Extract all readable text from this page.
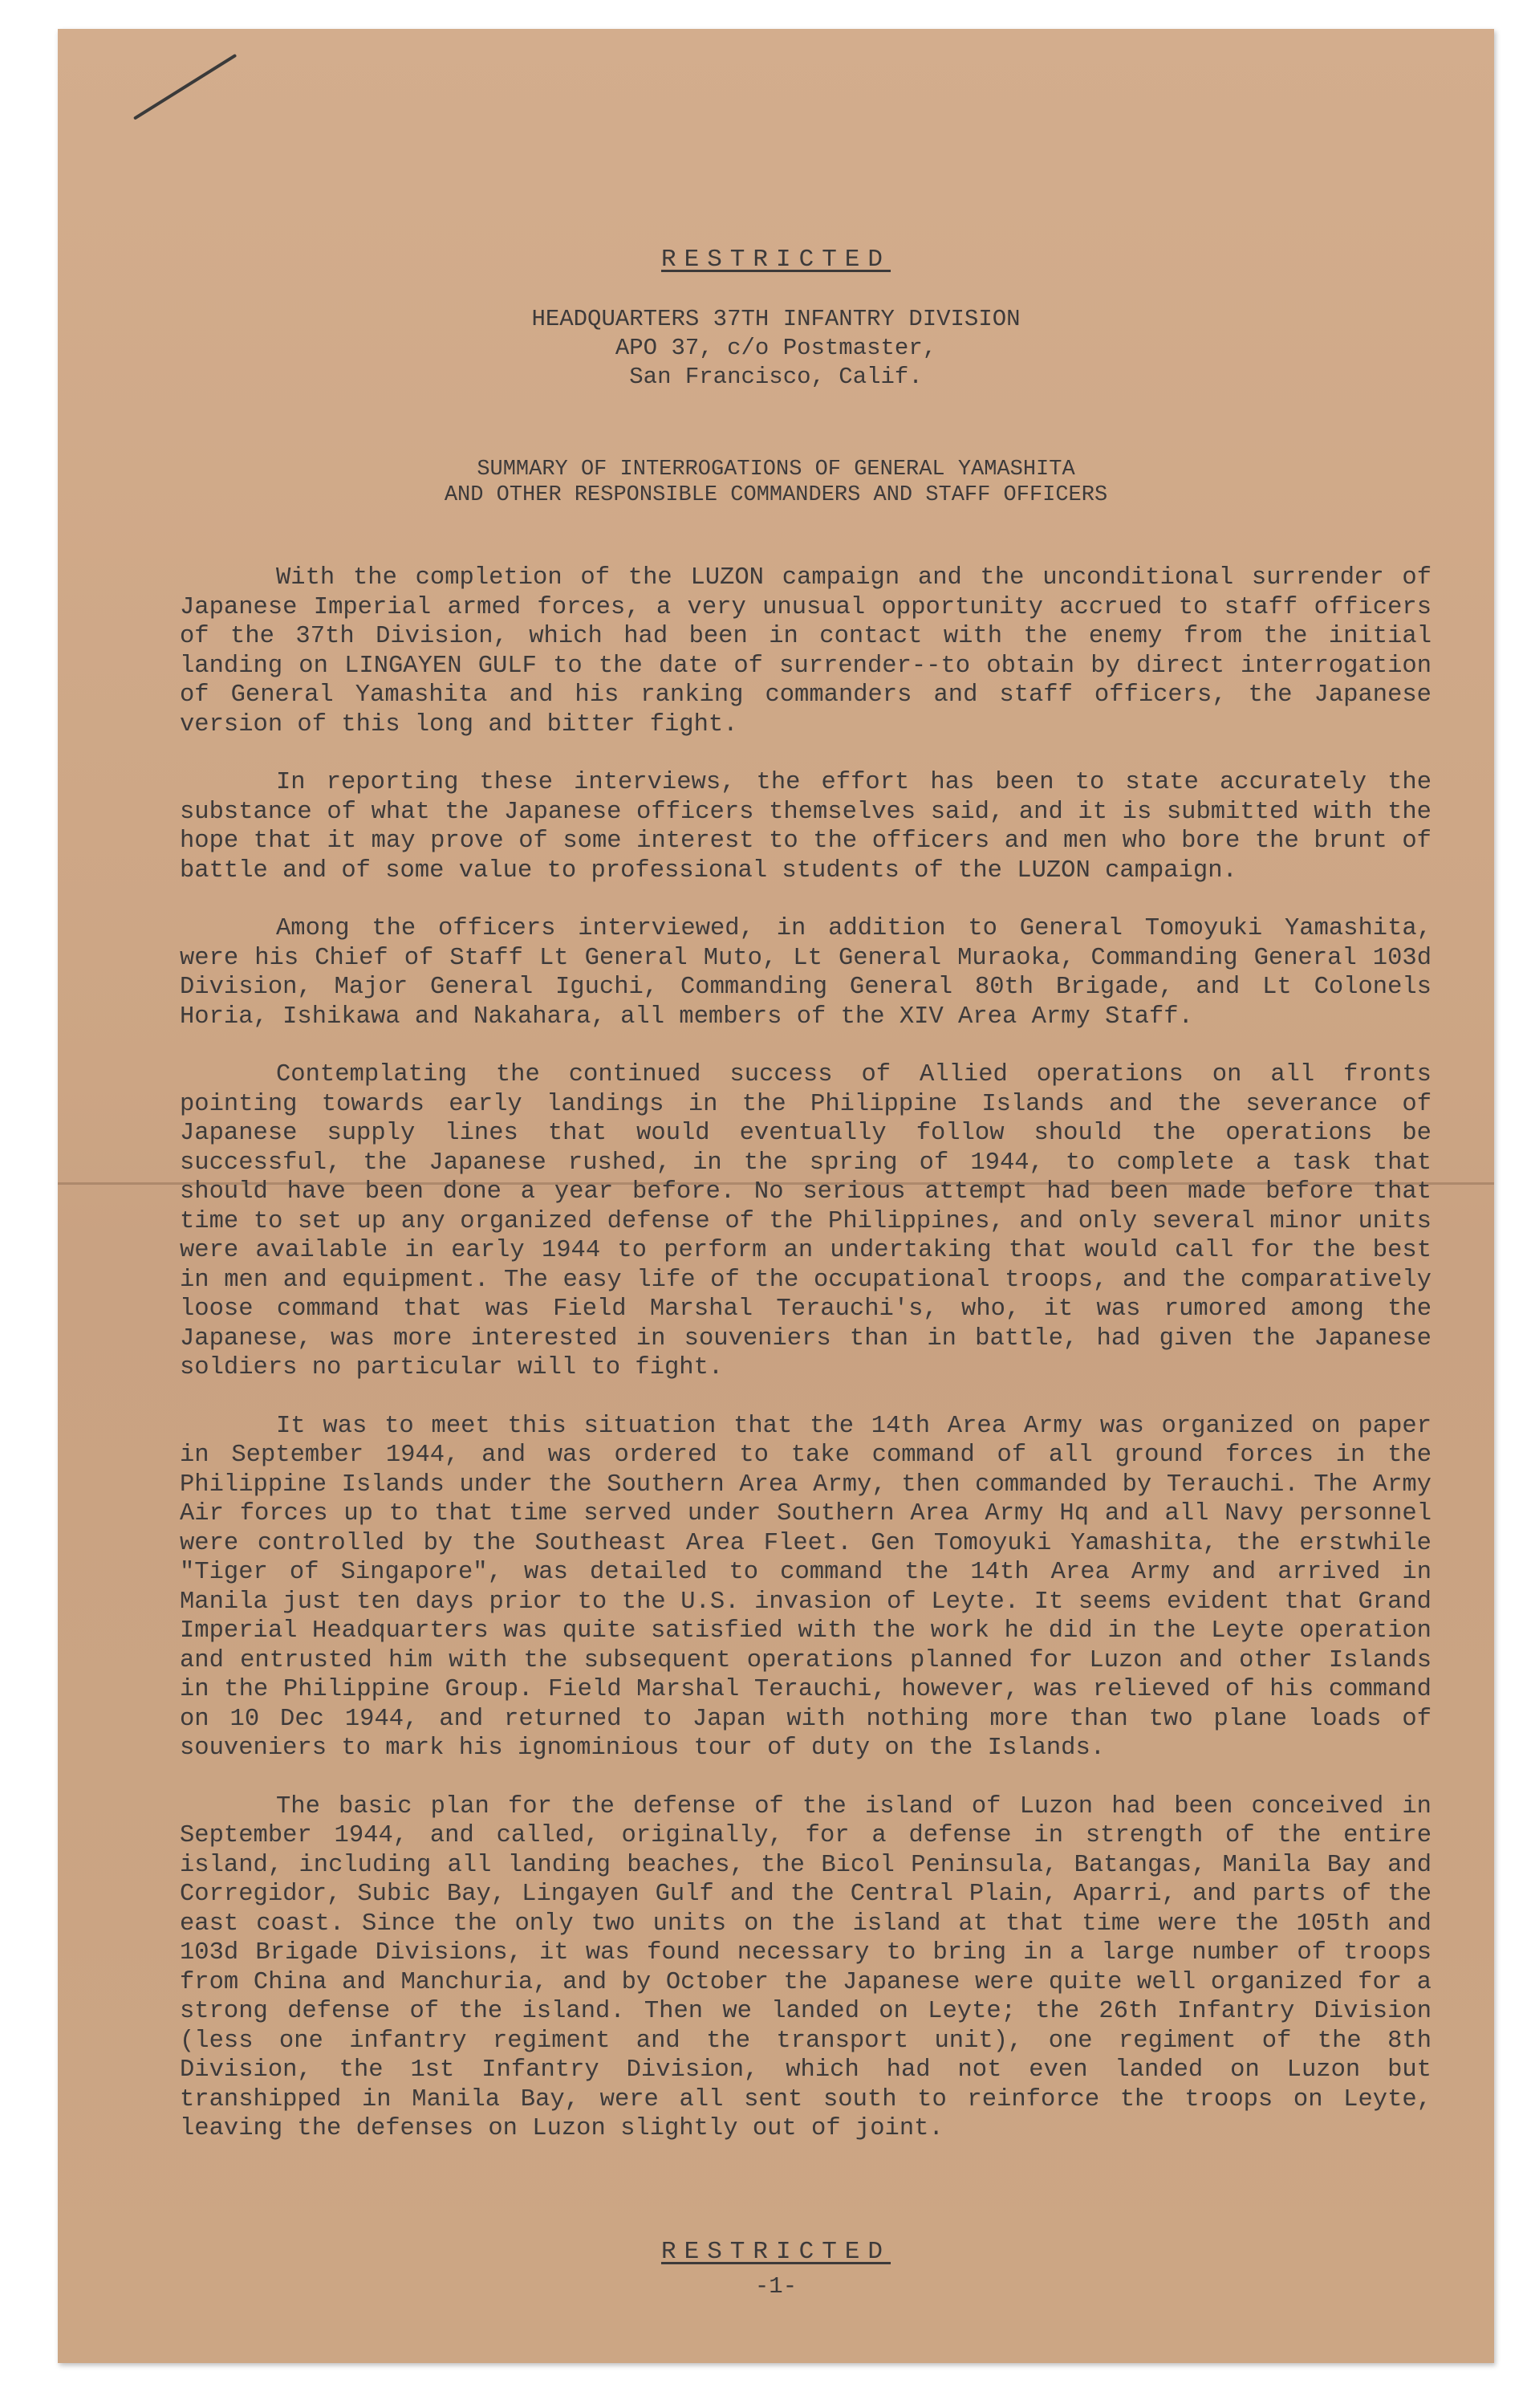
RESTRICTED
HEADQUARTERS 37TH INFANTRY DIVISION
APO 37, c/o Postmaster,
San Francisco, Calif.
SUMMARY OF INTERROGATIONS OF GENERAL YAMASHITA
AND OTHER RESPONSIBLE COMMANDERS AND STAFF OFFICERS

With the completion of the LUZON campaign and the unconditional surrender of Japanese Imperial armed forces, a very unusual opportunity accrued to staff officers of the 37th Division, which had been in contact with the enemy from the initial landing on LINGAYEN GULF to the date of surrender--to obtain by direct interrogation of General Yamashita and his ranking commanders and staff officers, the Japanese version of this long and bitter fight.

In reporting these interviews, the effort has been to state accurately the substance of what the Japanese officers themselves said, and it is submitted with the hope that it may prove of some interest to the officers and men who bore the brunt of battle and of some value to professional students of the LUZON campaign.

Among the officers interviewed, in addition to General Tomoyuki Yamashita, were his Chief of Staff Lt General Muto, Lt General Muraoka, Commanding General 103d Division, Major General Iguchi, Commanding General 80th Brigade, and Lt Colonels Horia, Ishikawa and Nakahara, all members of the XIV Area Army Staff.

Contemplating the continued success of Allied operations on all fronts pointing towards early landings in the Philippine Islands and the severance of Japanese supply lines that would eventually follow should the operations be successful, the Japanese rushed, in the spring of 1944, to complete a task that should have been done a year before. No serious attempt had been made before that time to set up any organized defense of the Philippines, and only several minor units were available in early 1944 to perform an undertaking that would call for the best in men and equipment. The easy life of the occupational troops, and the comparatively loose command that was Field Marshal Terauchi's, who, it was rumored among the Japanese, was more interested in souveniers than in battle, had given the Japanese soldiers no particular will to fight.

It was to meet this situation that the 14th Area Army was organized on paper in September 1944, and was ordered to take command of all ground forces in the Philippine Islands under the Southern Area Army, then commanded by Terauchi. The Army Air forces up to that time served under Southern Area Army Hq and all Navy personnel were controlled by the Southeast Area Fleet. Gen Tomoyuki Yamashita, the erstwhile "Tiger of Singapore", was detailed to command the 14th Area Army and arrived in Manila just ten days prior to the U.S. invasion of Leyte. It seems evident that Grand Imperial Headquarters was quite satisfied with the work he did in the Leyte operation and entrusted him with the subsequent operations planned for Luzon and other Islands in the Philippine Group. Field Marshal Terauchi, however, was relieved of his command on 10 Dec 1944, and returned to Japan with nothing more than two plane loads of souveniers to mark his ignominious tour of duty on the Islands.

The basic plan for the defense of the island of Luzon had been conceived in September 1944, and called, originally, for a defense in strength of the entire island, including all landing beaches, the Bicol Peninsula, Batangas, Manila Bay and Corregidor, Subic Bay, Lingayen Gulf and the Central Plain, Aparri, and parts of the east coast. Since the only two units on the island at that time were the 105th and 103d Brigade Divisions, it was found necessary to bring in a large number of troops from China and Manchuria, and by October the Japanese were quite well organized for a strong defense of the island. Then we landed on Leyte; the 26th Infantry Division (less one infantry regiment and the transport unit), one regiment of the 8th Division, the 1st Infantry Division, which had not even landed on Luzon but transhipped in Manila Bay, were all sent south to reinforce the troops on Leyte, leaving the defenses on Luzon slightly out of joint.

RESTRICTED
-1-
